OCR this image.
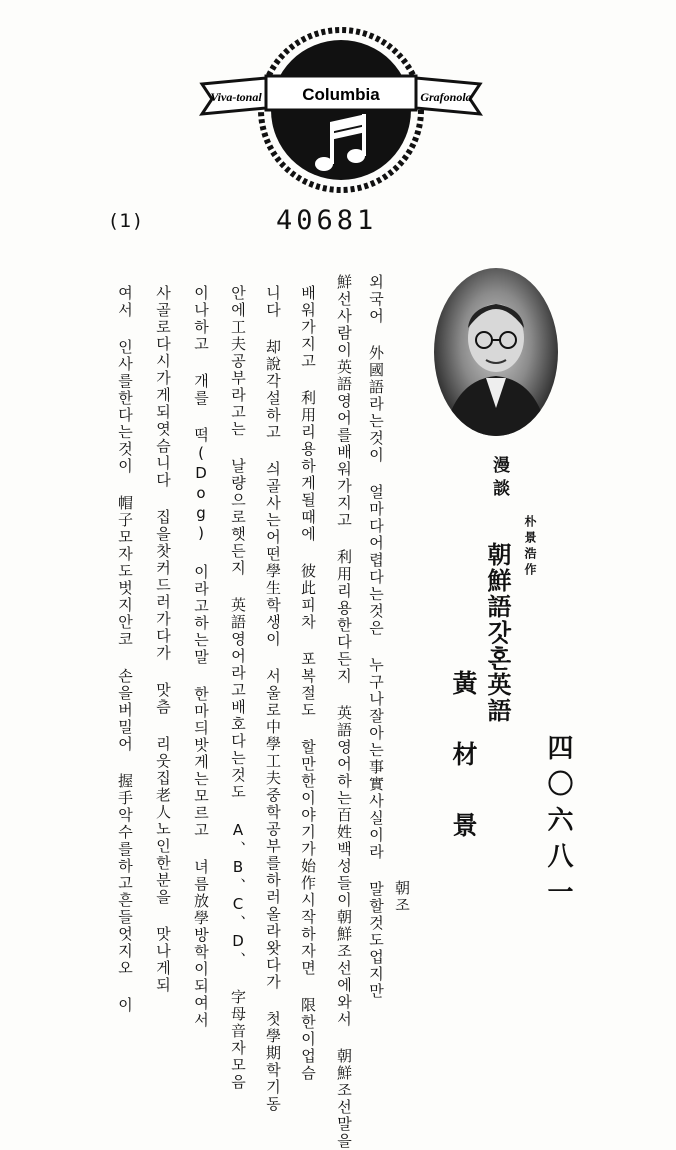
Viva-tonal Columbia	Grafonola
(1)	40681
四〇六八一
漫談
朴景浩作
朝鮮語갓혼英語
黃材景
朝조
외국어 外國語라는것이 얼마다어렵다는것은 누구나잘아는事實사실이라 말할것도업지만
鮮선사람이英語영어를배워가지고 利用리용한다든지 英語영어하는百姓백성들이朝鮮조선에와서 朝鮮조선말을
배워가지고 利用리용하게될때에 彼此피차 포복절도 할만한이야기가始作시작하자면 限한이업슴
니다 却說각설하고 싀골사는어떤學生학생이 서울로中學工夫중학공부를하러올라왓다가 첫學期학기동
안에工夫공부라고는 날량으로햇든지 英語영어라고배호다는것도 A、B、C、D、 字母音자모음
이나하고 개를 떡(Dog) 이라고하는말 한마듸밧게는모르고 녀름放學방학이되여서
사골로다시가게되엿슴니다 집을찻커드러가다가 맛츰 리웃집老人노인한분을 맛나게되
여서 인사를한다는것이 帽子모자도벗지안코 손을버밀어 握手악수를하고흔들엇지오 이
